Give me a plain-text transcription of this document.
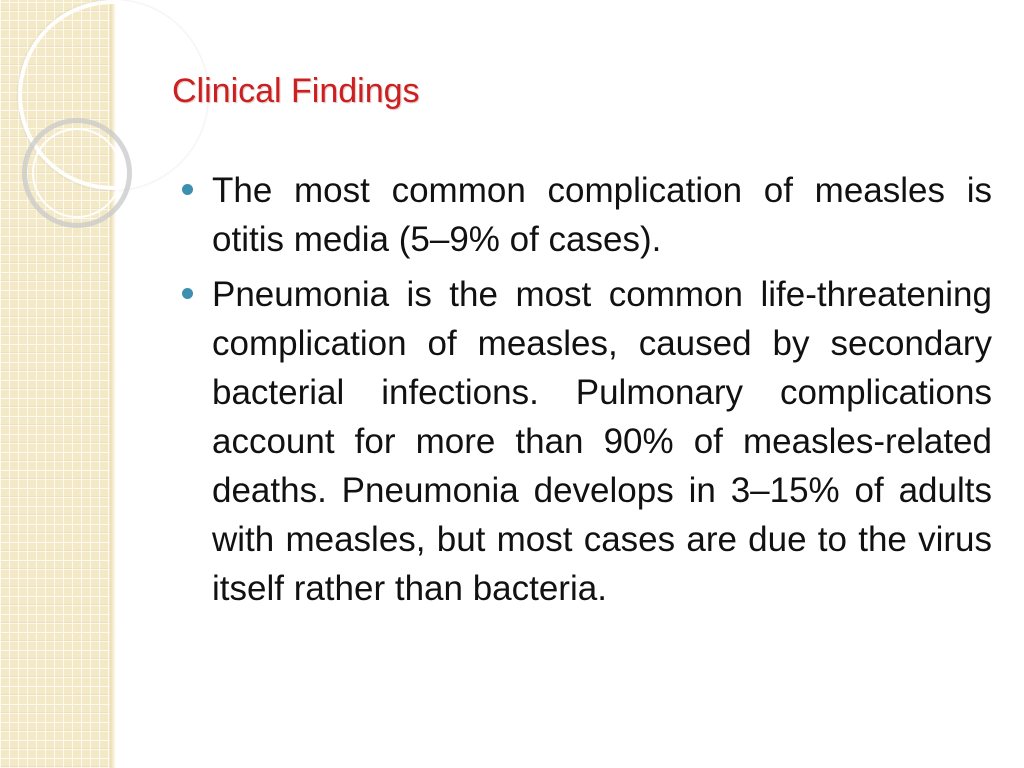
Clinical Findings
The most common complication of measles is otitis media (5–9% of cases).
Pneumonia is the most common life-threatening complication of measles, caused by secondary bacterial infections. Pulmonary complications account for more than 90% of measles-related deaths. Pneumonia develops in 3–15% of adults with measles, but most cases are due to the virus itself rather than bacteria.
